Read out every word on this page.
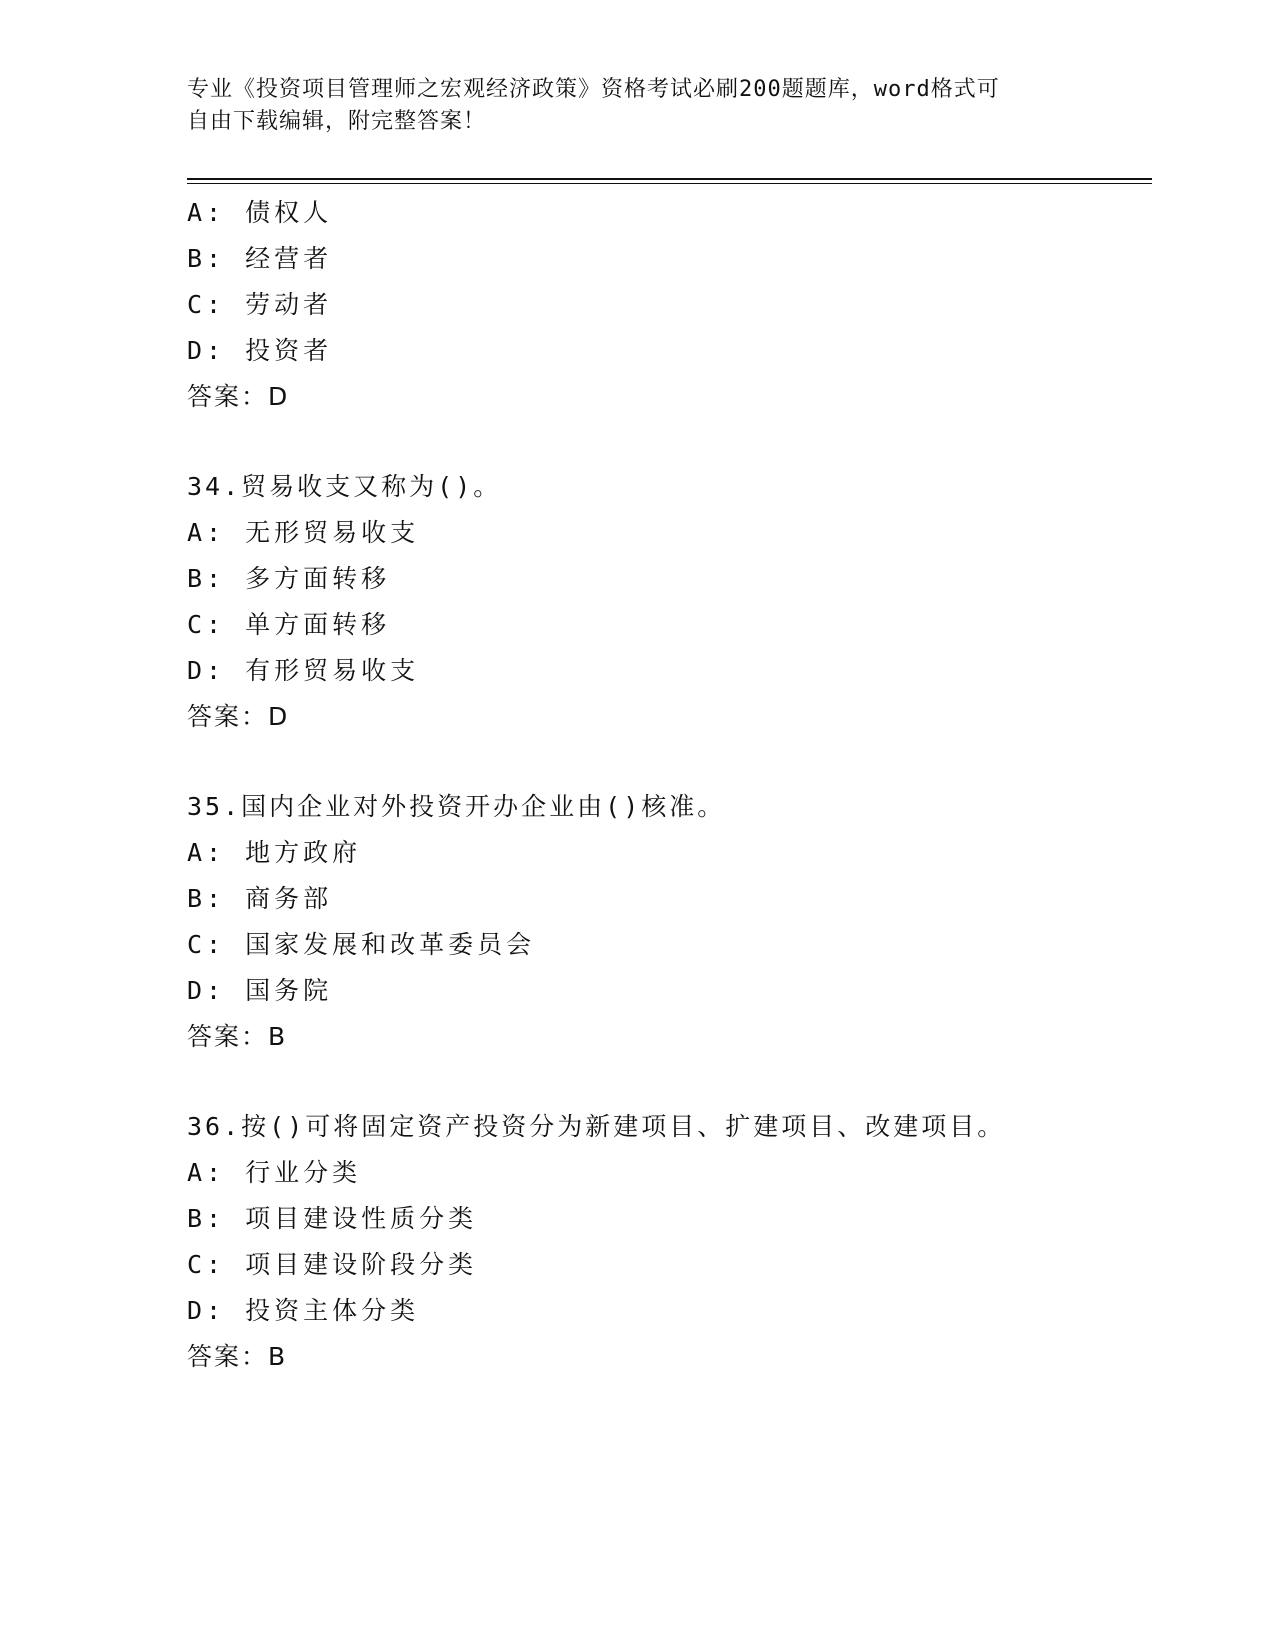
专业《投资项目管理师之宏观经济政策》资格考试必刷200题题库，word格式可
自由下载编辑，附完整答案！
A: 债权人
B: 经营者
C: 劳动者
D: 投资者
答案：D
34.贸易收支又称为()。
A: 无形贸易收支
B: 多方面转移
C: 单方面转移
D: 有形贸易收支
答案：D
35.国内企业对外投资开办企业由()核准。
A: 地方政府
B: 商务部
C: 国家发展和改革委员会
D: 国务院
答案：B
36.按()可将固定资产投资分为新建项目、扩建项目、改建项目。
A: 行业分类
B: 项目建设性质分类
C: 项目建设阶段分类
D: 投资主体分类
答案：B
